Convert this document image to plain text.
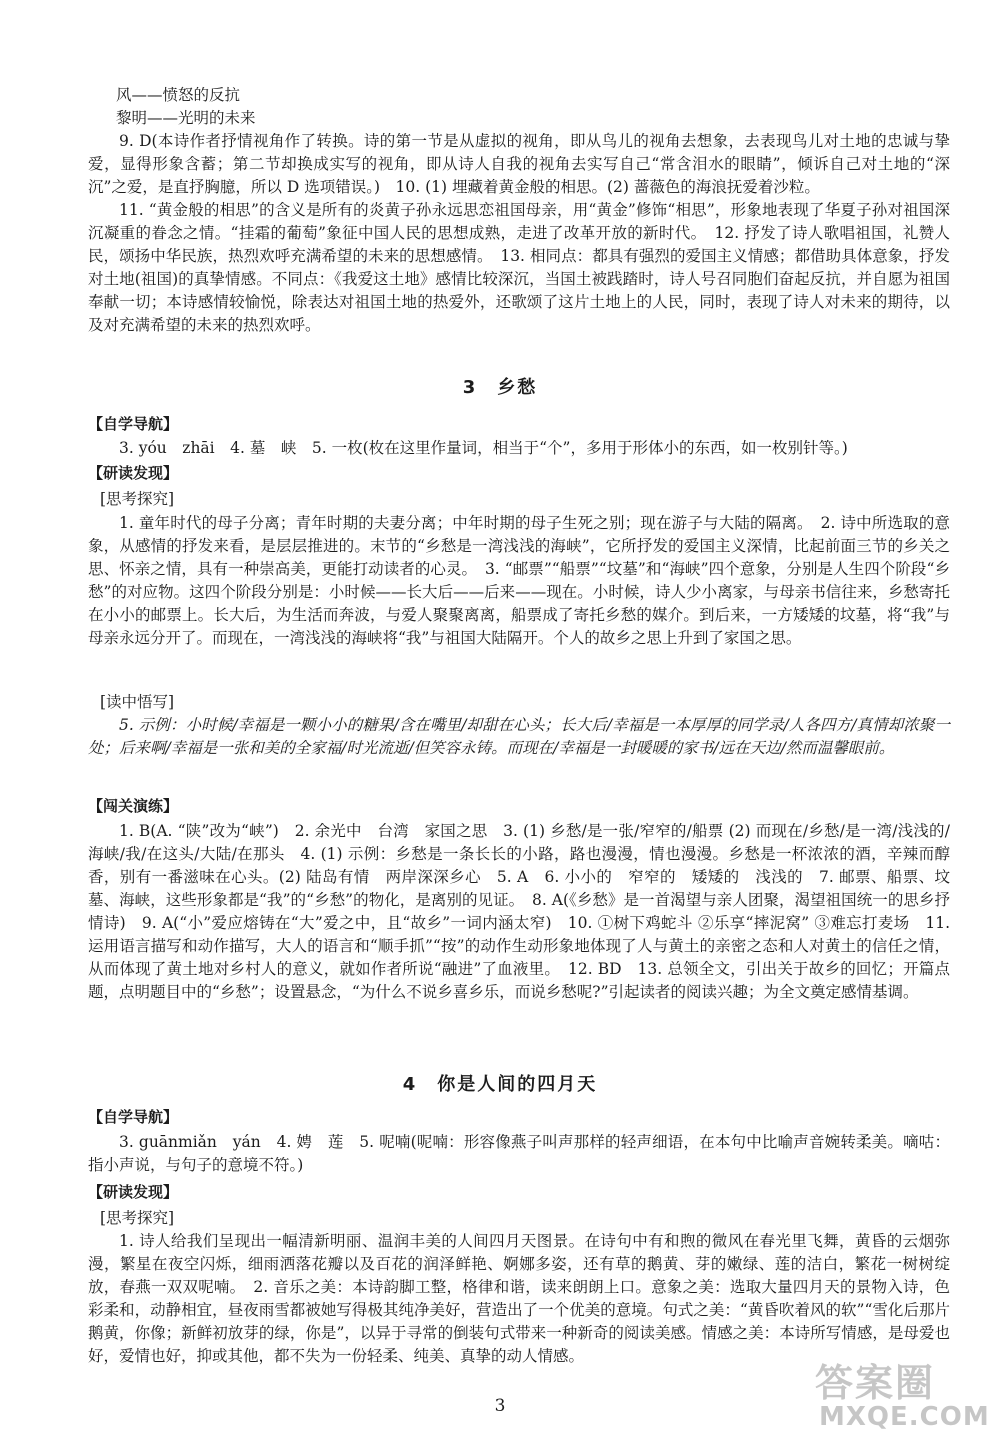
风——愤怒的反抗

黎明——光明的未来

9. D(本诗作者抒情视角作了转换。诗的第一节是从虚拟的视角，即从鸟儿的视角去想象，去表现鸟儿对土地的忠诚与挚爱，显得形象含蓄；第二节却换成实写的视角，即从诗人自我的视角去实写自己“常含泪水的眼睛”，倾诉自己对土地的“深沉”之爱，是直抒胸臆，所以 D 选项错误。)　10. (1) 埋藏着黄金般的相思。(2) 蔷薇色的海浪抚爱着沙粒。

11. “黄金般的相思”的含义是所有的炎黄子孙永远思恋祖国母亲，用“黄金”修饰“相思”，形象地表现了华夏子孙对祖国深沉凝重的眷念之情。“挂霜的葡萄”象征中国人民的思想成熟，走进了改革开放的新时代。　12. 抒发了诗人歌唱祖国，礼赞人民，颂扬中华民族，热烈欢呼充满希望的未来的思想感情。　13. 相同点：都具有强烈的爱国主义情感；都借助具体意象，抒发对土地(祖国)的真挚情感。不同点：《我爱这土地》感情比较深沉，当国土被践踏时，诗人号召同胞们奋起反抗，并自愿为祖国奉献一切；本诗感情较愉悦，除表达对祖国土地的热爱外，还歌颂了这片土地上的人民，同时，表现了诗人对未来的期待，以及对充满希望的未来的热烈欢呼。

3　乡愁

【自学导航】

3. yóu　zhāi　4. 墓　峡　5. 一枚(枚在这里作量词，相当于“个”，多用于形体小的东西，如一枚别针等。)

【研读发现】

[思考探究]

1. 童年时代的母子分离；青年时期的夫妻分离；中年时期的母子生死之别；现在游子与大陆的隔离。　2. 诗中所选取的意象，从感情的抒发来看，是层层推进的。末节的“乡愁是一湾浅浅的海峡”，它所抒发的爱国主义深情，比起前面三节的乡关之思、怀亲之情，具有一种崇高美，更能打动读者的心灵。　3. “邮票”“船票”“坟墓”和“海峡”四个意象，分别是人生四个阶段“乡愁”的对应物。这四个阶段分别是：小时候——长大后——后来——现在。小时候，诗人少小离家，与母亲书信往来，乡愁寄托在小小的邮票上。长大后，为生活而奔波，与爱人聚聚离离，船票成了寄托乡愁的媒介。到后来，一方矮矮的坟墓，将“我”与母亲永远分开了。而现在，一湾浅浅的海峡将“我”与祖国大陆隔开。个人的故乡之思上升到了家国之思。

[读中悟写]

5. 示例：小时候/幸福是一颗小小的糖果/含在嘴里/却甜在心头；长大后/幸福是一本厚厚的同学录/人各四方/真情却浓聚一处；后来啊/幸福是一张和美的全家福/时光流逝/但笑容永铸。而现在/幸福是一封暖暖的家书/远在天边/然而温馨眼前。

【闯关演练】

1. B(A. “陕”改为“峡”)　2. 余光中　台湾　家国之思　3. (1) 乡愁/是一张/窄窄的/船票 (2) 而现在/乡愁/是一湾/浅浅的/海峡/我/在这头/大陆/在那头　4. (1) 示例：乡愁是一条长长的小路，路也漫漫，情也漫漫。乡愁是一杯浓浓的酒，辛辣而醇香，别有一番滋味在心头。(2) 陆岛有情　两岸深深乡心　5. A　6. 小小的　窄窄的　矮矮的　浅浅的　7. 邮票、船票、坟墓、海峡，这些形象都是“我”的“乡愁”的物化，是离别的见证。　8. A(《乡愁》是一首渴望与亲人团聚，渴望祖国统一的思乡抒情诗)　9. A(“小”爱应熔铸在“大”爱之中，且“故乡”一词内涵太窄)　10. ①树下鸡蛇斗 ②乐享“摔泥窝” ③难忘打麦场　11. 运用语言描写和动作描写，大人的语言和“顺手抓”“按”的动作生动形象地体现了人与黄土的亲密之态和人对黄土的信任之情，从而体现了黄土地对乡村人的意义，就如作者所说“融进”了血液里。　12. BD　13. 总领全文，引出关于故乡的回忆；开篇点题，点明题目中的“乡愁”；设置悬念，“为什么不说乡喜乡乐，而说乡愁呢?”引起读者的阅读兴趣；为全文奠定感情基调。

4　你是人间的四月天

【自学导航】

3. guānmiǎn　yán　4. 娉　莲　5. 呢喃(呢喃：形容像燕子叫声那样的轻声细语，在本句中比喻声音婉转柔美。嘀咕：指小声说，与句子的意境不符。)

【研读发现】

[思考探究]

1. 诗人给我们呈现出一幅清新明丽、温润丰美的人间四月天图景。在诗句中有和煦的微风在春光里飞舞，黄昏的云烟弥漫，繁星在夜空闪烁，细雨洒落花瓣以及百花的润泽鲜艳、婀娜多姿，还有草的鹅黄、芽的嫩绿、莲的洁白，繁花一树树绽放，春燕一双双呢喃。　2. 音乐之美：本诗韵脚工整，格律和谐，读来朗朗上口。意象之美：选取大量四月天的景物入诗，色彩柔和，动静相宜，昼夜雨雪都被她写得极其纯净美好，营造出了一个优美的意境。句式之美：“黄昏吹着风的软”“雪化后那片鹅黄，你像；新鲜初放芽的绿，你是”，以异于寻常的倒装句式带来一种新奇的阅读美感。情感之美：本诗所写情感，是母爱也好，爱情也好，抑或其他，都不失为一份轻柔、纯美、真挚的动人情感。

3

答案圈
MXQE.COM
